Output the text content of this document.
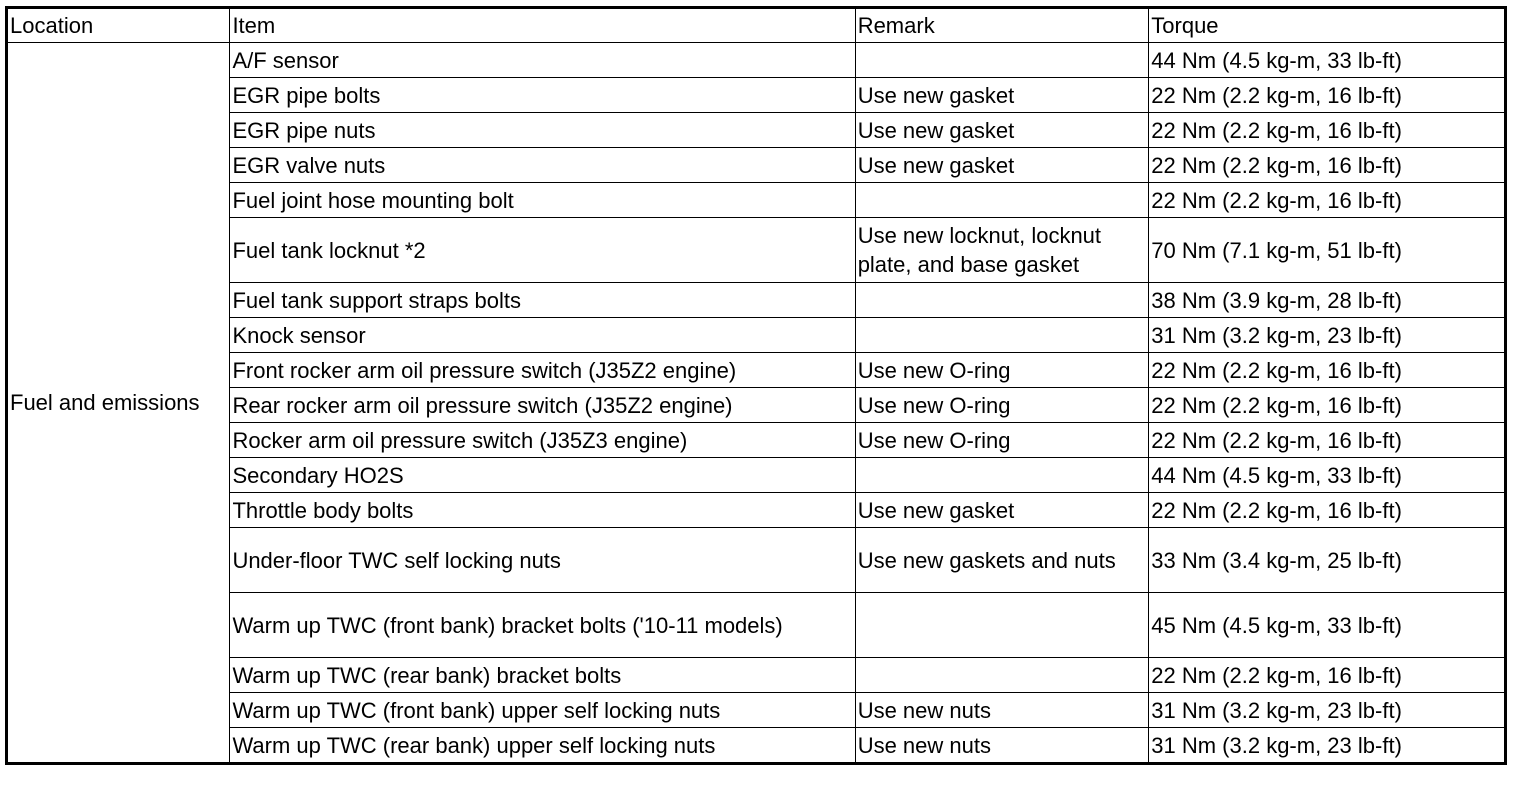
Location	Item	Remark	Torque
Fuel and emissions	A/F sensor		44 Nm (4.5 kg-m, 33 lb-ft)
	EGR pipe bolts	Use new gasket	22 Nm (2.2 kg-m, 16 lb-ft)
	EGR pipe nuts	Use new gasket	22 Nm (2.2 kg-m, 16 lb-ft)
	EGR valve nuts	Use new gasket	22 Nm (2.2 kg-m, 16 lb-ft)
	Fuel joint hose mounting bolt		22 Nm (2.2 kg-m, 16 lb-ft)
	Fuel tank locknut *2	Use new locknut, locknut plate, and base gasket	70 Nm (7.1 kg-m, 51 lb-ft)
	Fuel tank support straps bolts		38 Nm (3.9 kg-m, 28 lb-ft)
	Knock sensor		31 Nm (3.2 kg-m, 23 lb-ft)
	Front rocker arm oil pressure switch (J35Z2 engine)	Use new O-ring	22 Nm (2.2 kg-m, 16 lb-ft)
	Rear rocker arm oil pressure switch (J35Z2 engine)	Use new O-ring	22 Nm (2.2 kg-m, 16 lb-ft)
	Rocker arm oil pressure switch (J35Z3 engine)	Use new O-ring	22 Nm (2.2 kg-m, 16 lb-ft)
	Secondary HO2S		44 Nm (4.5 kg-m, 33 lb-ft)
	Throttle body bolts	Use new gasket	22 Nm (2.2 kg-m, 16 lb-ft)
	Under-floor TWC self locking nuts	Use new gaskets and nuts	33 Nm (3.4 kg-m, 25 lb-ft)
	Warm up TWC (front bank) bracket bolts ('10-11 models)		45 Nm (4.5 kg-m, 33 lb-ft)
	Warm up TWC (rear bank) bracket bolts		22 Nm (2.2 kg-m, 16 lb-ft)
	Warm up TWC (front bank) upper self locking nuts	Use new nuts	31 Nm (3.2 kg-m, 23 lb-ft)
	Warm up TWC (rear bank) upper self locking nuts	Use new nuts	31 Nm (3.2 kg-m, 23 lb-ft)
